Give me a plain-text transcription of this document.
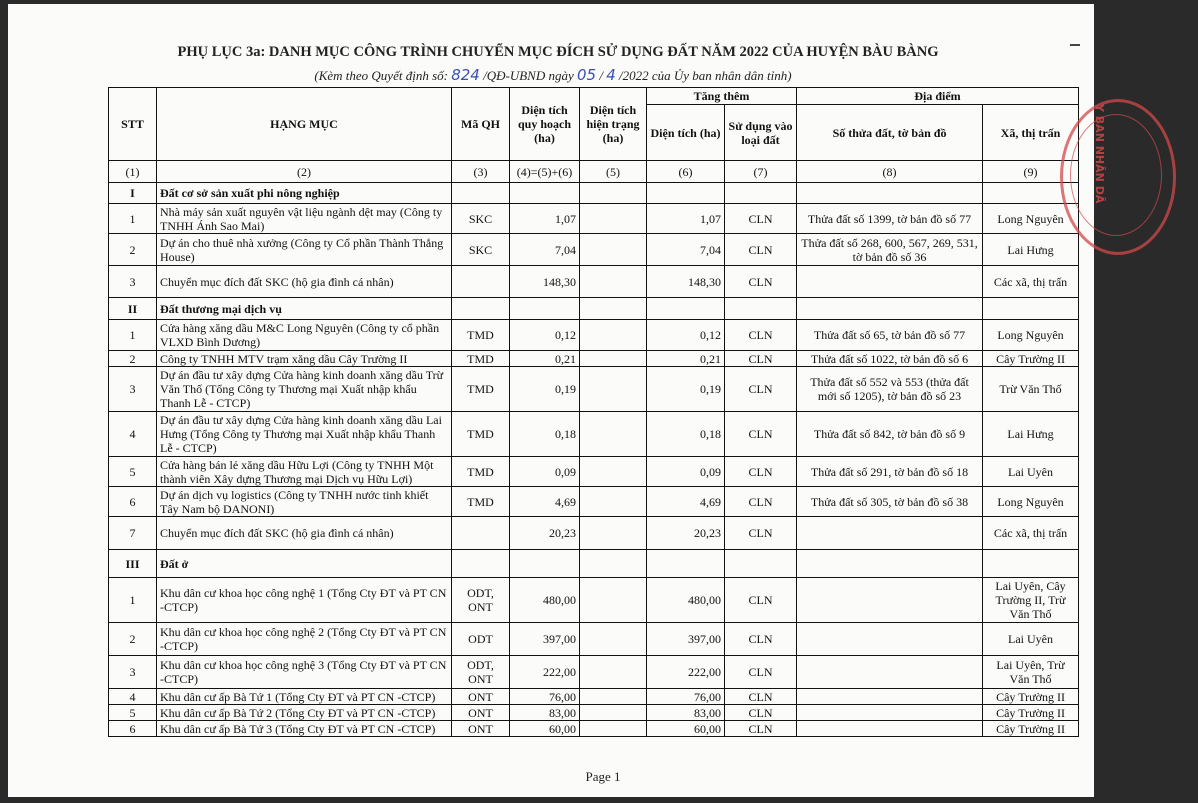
PHỤ LỤC 3a: DANH MỤC CÔNG TRÌNH CHUYỂN MỤC ĐÍCH SỬ DỤNG ĐẤT NĂM 2022 CỦA HUYỆN BÀU BÀNG
(Kèm theo Quyết định số: 824 /QĐ-UBND ngày 05 / 4 /2022 của Ủy ban nhân dân tỉnh)
STT	HẠNG MỤC	Mã QH	Diện tích quy hoạch (ha)	Diện tích hiện trạng (ha)	Tăng thêm		Địa điểm	
					Diện tích (ha)	Sử dụng vào loại đất	Số thửa đất, tờ bản đồ	Xã, thị trấn
(1)	(2)	(3)	(4)=(5)+(6)	(5)	(6)	(7)	(8)	(9)
I	Đất cơ sở sản xuất phi nông nghiệp							
1	Nhà máy sản xuất nguyên vật liệu ngành dệt may (Công ty TNHH Ánh Sao Mai)	SKC	1,07		1,07	CLN	Thửa đất số 1399, tờ bản đồ số 77	Long Nguyên
2	Dự án cho thuê nhà xưởng (Công ty Cổ phần Thành Thắng House)	SKC	7,04		7,04	CLN	Thửa đất số 268, 600, 567, 269, 531, tờ bản đồ số 36	Lai Hưng
3	Chuyển mục đích đất SKC (hộ gia đình cá nhân)		148,30		148,30	CLN		Các xã, thị trấn
II	Đất thương mại dịch vụ							
1	Cửa hàng xăng dầu M&C Long Nguyên (Công ty cổ phần VLXD Bình Dương)	TMD	0,12		0,12	CLN	Thửa đất số 65, tờ bản đồ số 77	Long Nguyên
2	Công ty TNHH MTV trạm xăng dầu Cây Trường II	TMD	0,21		0,21	CLN	Thửa đất số 1022, tờ bản đồ số 6	Cây Trường II
3	Dự án đầu tư xây dựng Cửa hàng kinh doanh xăng dầu Trừ Văn Thố (Tổng Công ty Thương mại Xuất nhập khẩu Thanh Lễ - CTCP)	TMD	0,19		0,19	CLN	Thửa đất số 552 và 553 (thửa đất mới số 1205), tờ bản đồ số 23	Trừ Văn Thố
4	Dự án đầu tư xây dựng Cửa hàng kinh doanh xăng dầu Lai Hưng (Tổng Công ty Thương mại Xuất nhập khẩu Thanh Lễ - CTCP)	TMD	0,18		0,18	CLN	Thửa đất số 842, tờ bản đồ số 9	Lai Hưng
5	Cửa hàng bán lẻ xăng dầu Hữu Lợi (Công ty TNHH Một thành viên Xây dựng Thương mại Dịch vụ Hữu Lợi)	TMD	0,09		0,09	CLN	Thửa đất số 291, tờ bản đồ số 18	Lai Uyên
6	Dự án dịch vụ logistics (Công ty TNHH nước tinh khiết Tây Nam bộ DANONI)	TMD	4,69		4,69	CLN	Thửa đất số 305, tờ bản đồ số 38	Long Nguyên
7	Chuyển mục đích đất SKC (hộ gia đình cá nhân)		20,23		20,23	CLN		Các xã, thị trấn
III	Đất ở							
1	Khu dân cư khoa học công nghệ 1 (Tổng Cty ĐT và PT CN -CTCP)	ODT, ONT	480,00		480,00	CLN		Lai Uyên, Cây Trường II, Trừ Văn Thố
2	Khu dân cư khoa học công nghệ 2 (Tổng Cty ĐT và PT CN -CTCP)	ODT	397,00		397,00	CLN		Lai Uyên
3	Khu dân cư khoa học công nghệ 3 (Tổng Cty ĐT và PT CN -CTCP)	ODT, ONT	222,00		222,00	CLN		Lai Uyên, Trừ Văn Thố
4	Khu dân cư ấp Bà Tứ 1 (Tổng Cty ĐT và PT CN -CTCP)	ONT	76,00		76,00	CLN		Cây Trường II
5	Khu dân cư ấp Bà Tứ 2 (Tổng Cty ĐT và PT CN -CTCP)	ONT	83,00		83,00	CLN		Cây Trường II
6	Khu dân cư ấp Bà Tứ 3 (Tổng Cty ĐT và PT CN -CTCP)	ONT	60,00		60,00	CLN		Cây Trường II
Y BAN NHÂN DÂ
Page 1
